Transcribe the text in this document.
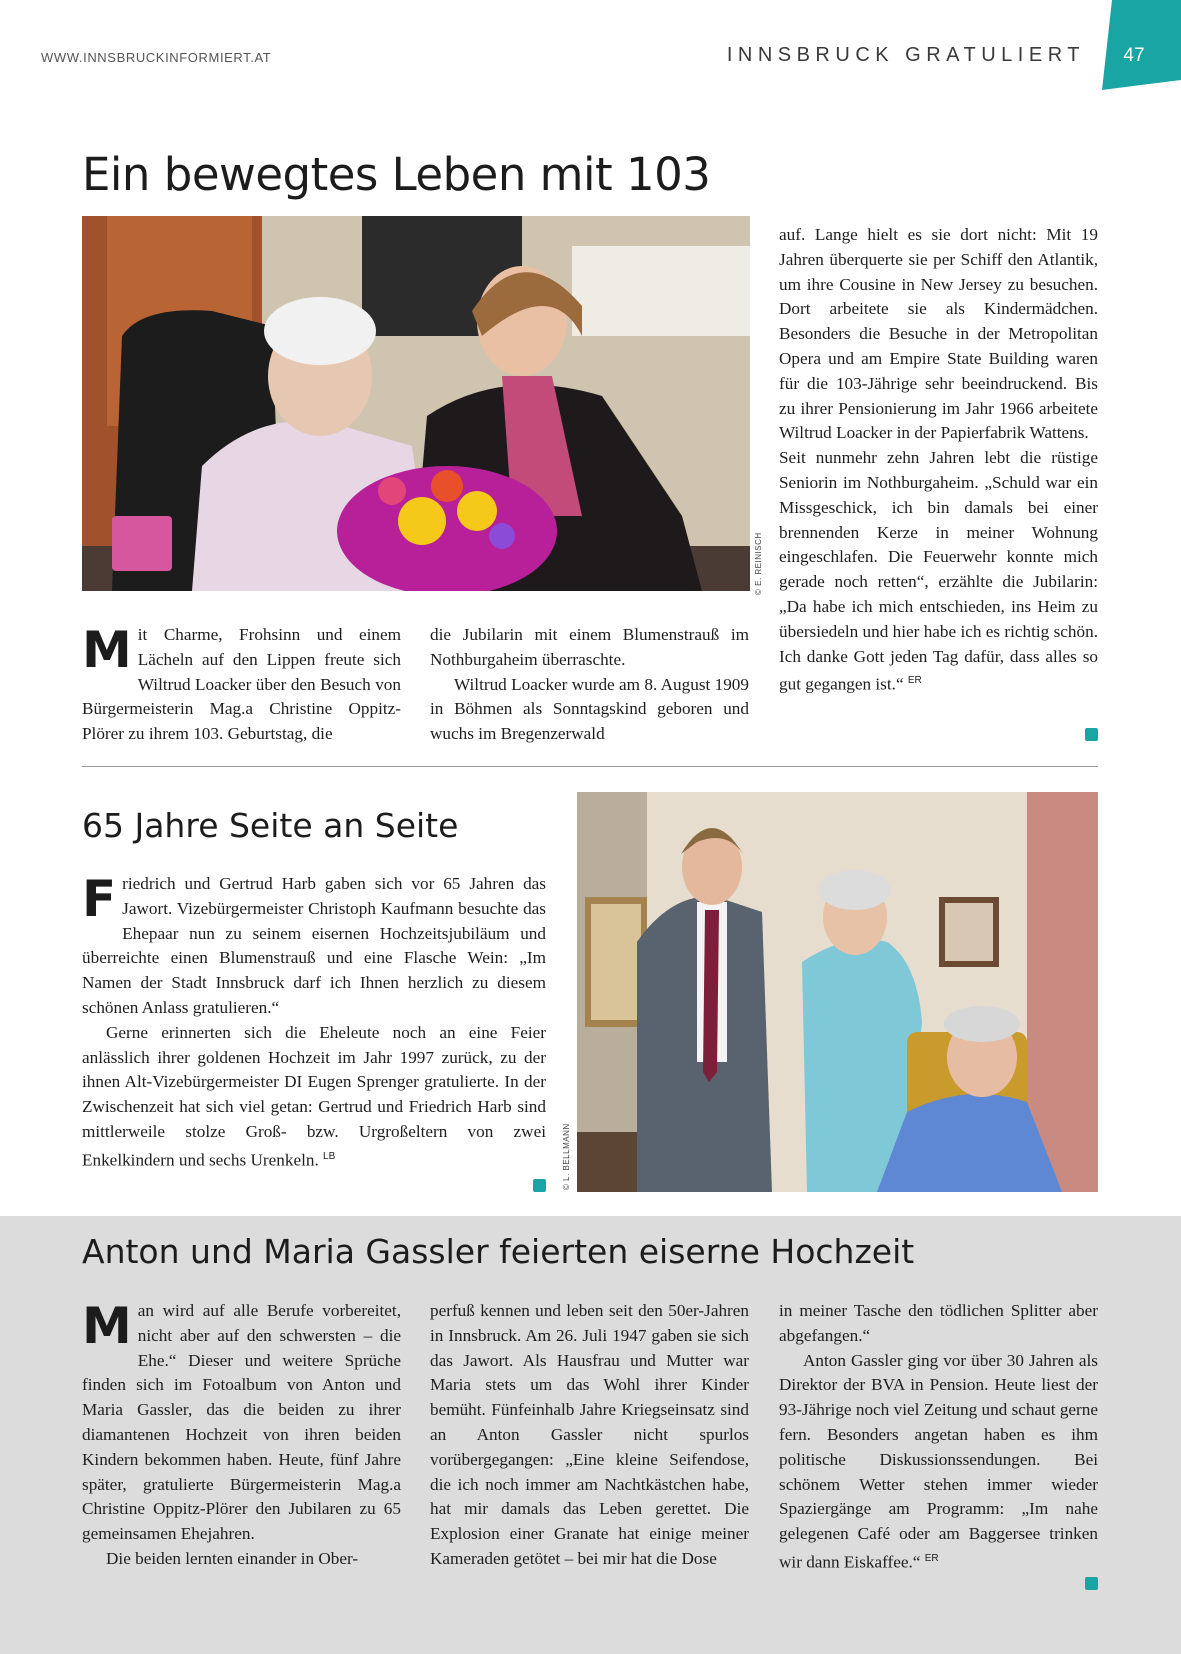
WWW.INNSBRUCKINFORMIERT.AT	INNSBRUCK GRATULIERT	47
Ein bewegtes Leben mit 103
© E. REINISCH

Mit Charme, Frohsinn und einem Lächeln auf den Lippen freute sich Wiltrud Loacker über den Besuch von Bürgermeisterin Mag.a Christine Oppitz-Plörer zu ihrem 103. Geburtstag, die

die Jubilarin mit einem Blumenstrauß im Nothburgaheim überraschte.

Wiltrud Loacker wurde am 8. August 1909 in Böhmen als Sonntagskind geboren und wuchs im Bregenzerwald

auf. Lange hielt es sie dort nicht: Mit 19 Jahren überquerte sie per Schiff den Atlantik, um ihre Cousine in New Jersey zu besuchen. Dort arbeitete sie als Kindermädchen. Besonders die Besuche in der Metropolitan Opera und am Empire State Building waren für die 103-Jährige sehr beeindruckend. Bis zu ihrer Pensionierung im Jahr 1966 arbeitete Wiltrud Loacker in der Papierfabrik Wattens.

Seit nunmehr zehn Jahren lebt die rüstige Seniorin im Nothburgaheim. „Schuld war ein Missgeschick, ich bin damals bei einer brennenden Kerze in meiner Wohnung eingeschlafen. Die Feuerwehr konnte mich gerade noch retten“, erzählte die Jubilarin: „Da habe ich mich entschieden, ins Heim zu übersiedeln und hier habe ich es richtig schön. Ich danke Gott jeden Tag dafür, dass alles so gut gegangen ist.“ $^{ER}$

65 Jahre Seite an Seite

Friedrich und Gertrud Harb gaben sich vor 65 Jahren das Jawort. Vizebürgermeister Christoph Kaufmann besuchte das Ehepaar nun zu seinem eisernen Hochzeitsjubiläum und überreichte einen Blumenstrauß und eine Flasche Wein: „Im Namen der Stadt Innsbruck darf ich Ihnen herzlich zu diesem schönen Anlass gratulieren.“

Gerne erinnerten sich die Eheleute noch an eine Feier anlässlich ihrer goldenen Hochzeit im Jahr 1997 zurück, zu der ihnen Alt-Vizebürgermeister DI Eugen Sprenger gratulierte. In der Zwischenzeit hat sich viel getan: Gertrud und Friedrich Harb sind mittlerweile stolze Groß- bzw. Urgroßeltern von zwei Enkelkindern und sechs Urenkeln. $^{LB}$	© L. BELLMANN
Anton und Maria Gassler feierten eiserne Hochzeit

Man wird auf alle Berufe vorbereitet, nicht aber auf den schwersten – die Ehe.“ Dieser und weitere Sprüche finden sich im Fotoalbum von Anton und Maria Gassler, das die beiden zu ihrer diamantenen Hochzeit von ihren beiden Kindern bekommen haben. Heute, fünf Jahre später, gratulierte Bürgermeisterin Mag.a Christine Oppitz-Plörer den Jubilaren zu 65 gemeinsamen Ehejahren.

Die beiden lernten einander in Ober-

perfuß kennen und leben seit den 50er-Jahren in Innsbruck. Am 26. Juli 1947 gaben sie sich das Jawort. Als Hausfrau und Mutter war Maria stets um das Wohl ihrer Kinder bemüht. Fünfeinhalb Jahre Kriegseinsatz sind an Anton Gassler nicht spurlos vorübergegangen: „Eine kleine Seifendose, die ich noch immer am Nachtkästchen habe, hat mir damals das Leben gerettet. Die Explosion einer Granate hat einige meiner Kameraden getötet – bei mir hat die Dose

in meiner Tasche den tödlichen Splitter aber abgefangen.“

Anton Gassler ging vor über 30 Jahren als Direktor der BVA in Pension. Heute liest der 93-Jährige noch viel Zeitung und schaut gerne fern. Besonders angetan haben es ihm politische Diskussionssendungen. Bei schönem Wetter stehen immer wieder Spaziergänge am Programm: „Im nahe gelegenen Café oder am Baggersee trinken wir dann Eiskaffee.“ $^{ER}$
